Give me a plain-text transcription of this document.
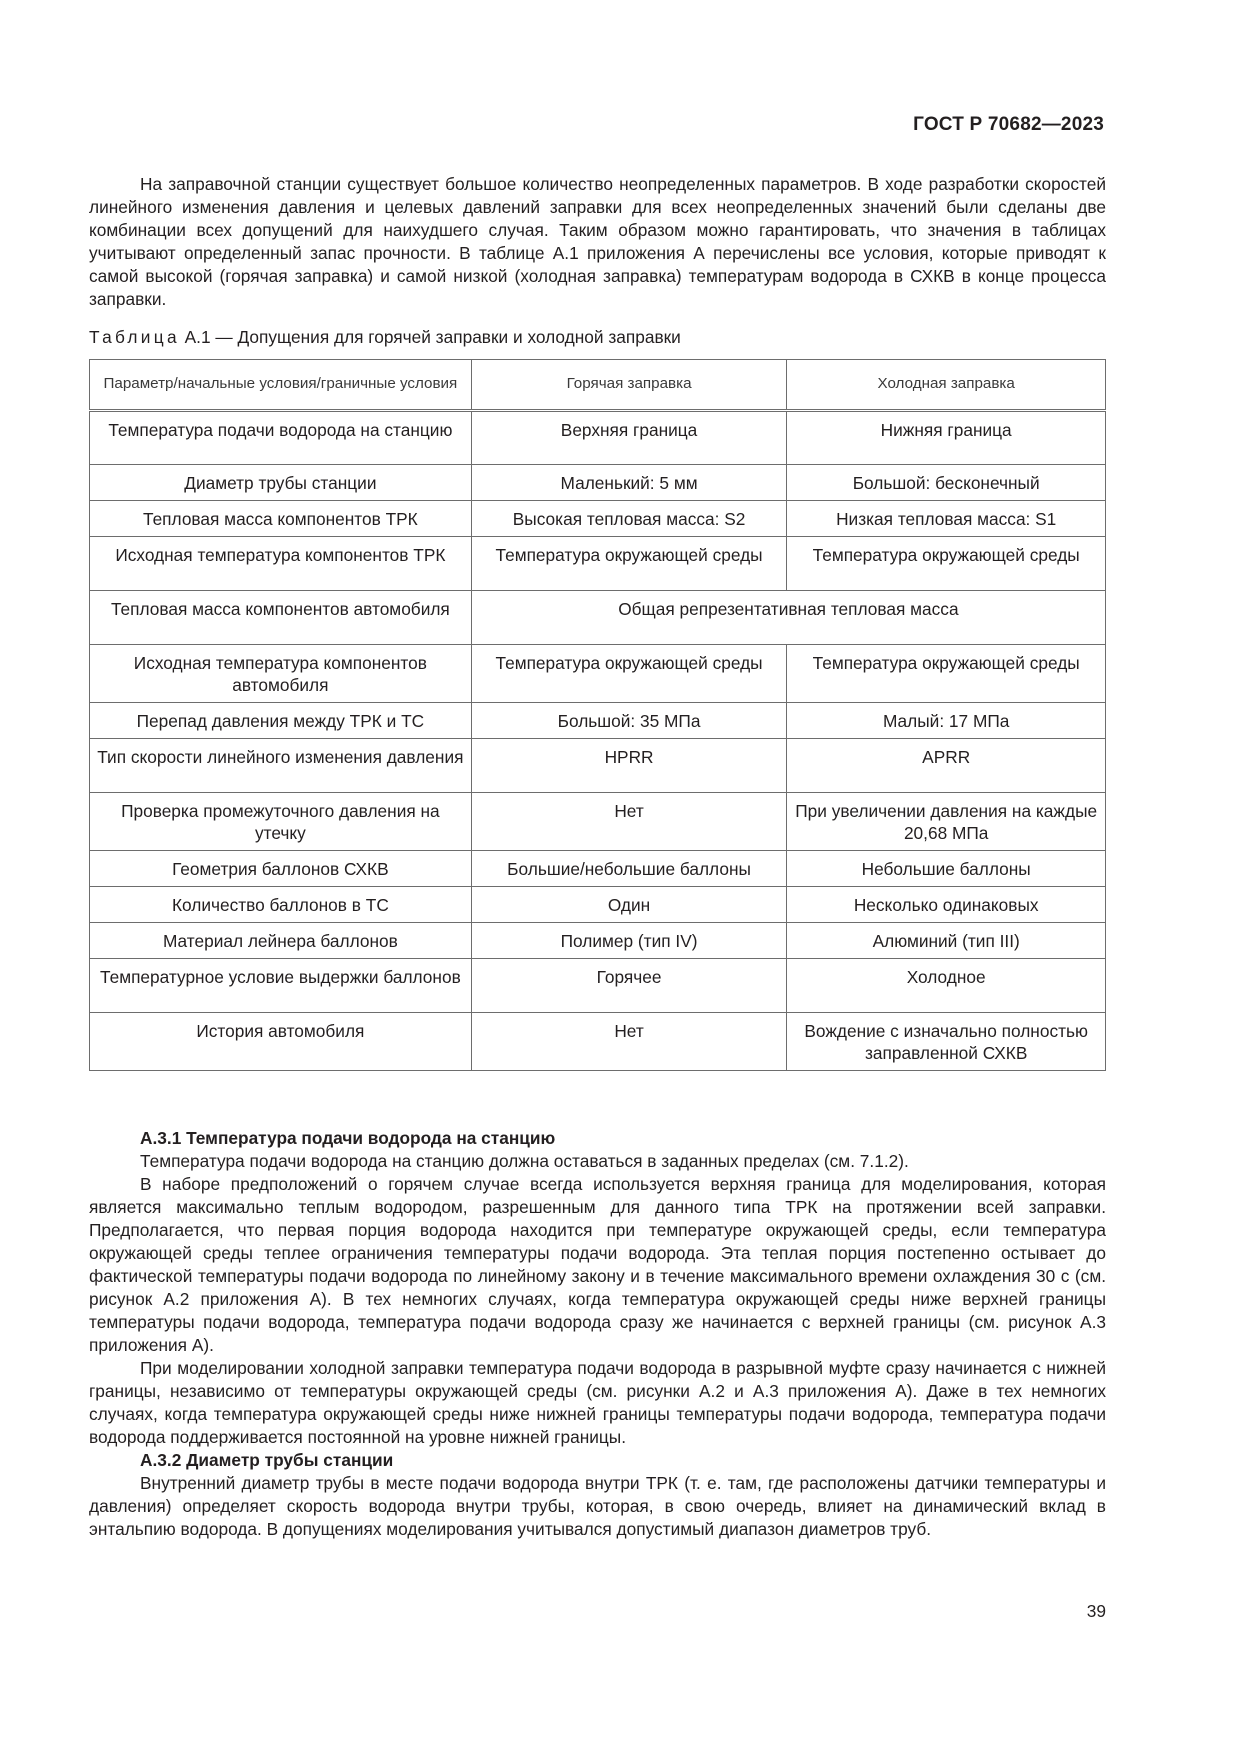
ГОСТ Р 70682—2023

На заправочной станции существует большое количество неопределенных параметров. В ходе разработки скоростей линейного изменения давления и целевых давлений заправки для всех неопределенных значений были сделаны две комбинации всех допущений для наихудшего случая. Таким образом можно гарантировать, что значения в таблицах учитывают определенный запас прочности. В таблице А.1 приложения А перечислены все условия, которые приводят к самой высокой (горячая заправка) и самой низкой (холодная заправка) температурам водорода в СХКВ в конце процесса заправки.

Таблица А.1 — Допущения для горячей заправки и холодной заправки
Параметр/начальные условия/граничные условия	Горячая заправка	Холодная заправка
Температура подачи водорода на станцию	Верхняя граница	Нижняя граница
Диаметр трубы станции	Маленький: 5 мм	Большой: бесконечный
Тепловая масса компонентов ТРК	Высокая тепловая масса: S2	Низкая тепловая масса: S1
Исходная температура компонентов ТРК	Температура окружающей среды	Температура окружающей среды
Тепловая масса компонентов автомобиля	Общая репрезентативная тепловая масса	
Исходная температура компонентов автомобиля	Температура окружающей среды	Температура окружающей среды
Перепад давления между ТРК и ТС	Большой: 35 МПа	Малый: 17 МПа
Тип скорости линейного изменения давления	HPRR	APRR
Проверка промежуточного давления на утечку	Нет	При увеличении давления на каждые 20,68 МПа
Геометрия баллонов СХКВ	Большие/небольшие баллоны	Небольшие баллоны
Количество баллонов в ТС	Один	Несколько одинаковых
Материал лейнера баллонов	Полимер (тип IV)	Алюминий (тип III)
Температурное условие выдержки баллонов	Горячее	Холодное
История автомобиля	Нет	Вождение с изначально полностью заправленной СХКВ

А.3.1 Температура подачи водорода на станцию

Температура подачи водорода на станцию должна оставаться в заданных пределах (см. 7.1.2).

В наборе предположений о горячем случае всегда используется верхняя граница для моделирования, которая является максимально теплым водородом, разрешенным для данного типа ТРК на протяжении всей заправки. Предполагается, что первая порция водорода находится при температуре окружающей среды, если температура окружающей среды теплее ограничения температуры подачи водорода. Эта теплая порция постепенно остывает до фактической температуры подачи водорода по линейному закону и в течение максимального времени охлаждения 30 с (см. рисунок А.2 приложения А). В тех немногих случаях, когда температура окружающей среды ниже верхней границы температуры подачи водорода, температура подачи водорода сразу же начинается с верхней границы (см. рисунок А.3 приложения А).

При моделировании холодной заправки температура подачи водорода в разрывной муфте сразу начинается с нижней границы, независимо от температуры окружающей среды (см. рисунки А.2 и А.3 приложения А). Даже в тех немногих случаях, когда температура окружающей среды ниже нижней границы температуры подачи водорода, температура подачи водорода поддерживается постоянной на уровне нижней границы.

А.3.2 Диаметр трубы станции

Внутренний диаметр трубы в месте подачи водорода внутри ТРК (т. е. там, где расположены датчики температуры и давления) определяет скорость водорода внутри трубы, которая, в свою очередь, влияет на динамический вклад в энтальпию водорода. В допущениях моделирования учитывался допустимый диапазон диаметров труб.

39
